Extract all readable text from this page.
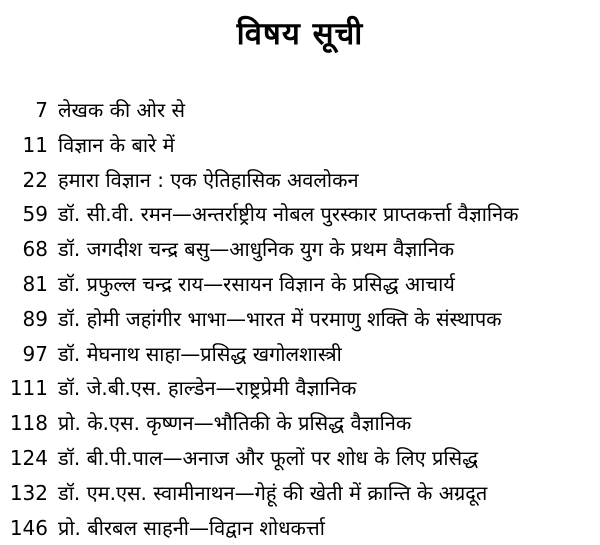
विषय सूची
7 लेखक की ओर से
11 विज्ञान के बारे में
22 हमारा विज्ञान : एक ऐतिहासिक अवलोकन
59 डॉ. सी.वी. रमन—अन्तर्राष्ट्रीय नोबल पुरस्कार प्राप्तकर्त्ता वैज्ञानिक
68 डॉ. जगदीश चन्द्र बसु—आधुनिक युग के प्रथम वैज्ञानिक
81 डॉ. प्रफुल्ल चन्द्र राय—रसायन विज्ञान के प्रसिद्ध आचार्य
89 डॉ. होमी जहांगीर भाभा—भारत में परमाणु शक्ति के संस्थापक
97 डॉ. मेघनाथ साहा—प्रसिद्ध खगोलशास्त्री
111 डॉ. जे.बी.एस. हाल्डेन—राष्ट्रप्रेमी वैज्ञानिक
118 प्रो. के.एस. कृष्णन—भौतिकी के प्रसिद्ध वैज्ञानिक
124 डॉ. बी.पी.पाल—अनाज और फूलों पर शोध के लिए प्रसिद्ध
132 डॉ. एम.एस. स्वामीनाथन—गेहूं की खेती में क्रान्ति के अग्रदूत
146 प्रो. बीरबल साहनी—विद्वान शोधकर्त्ता
